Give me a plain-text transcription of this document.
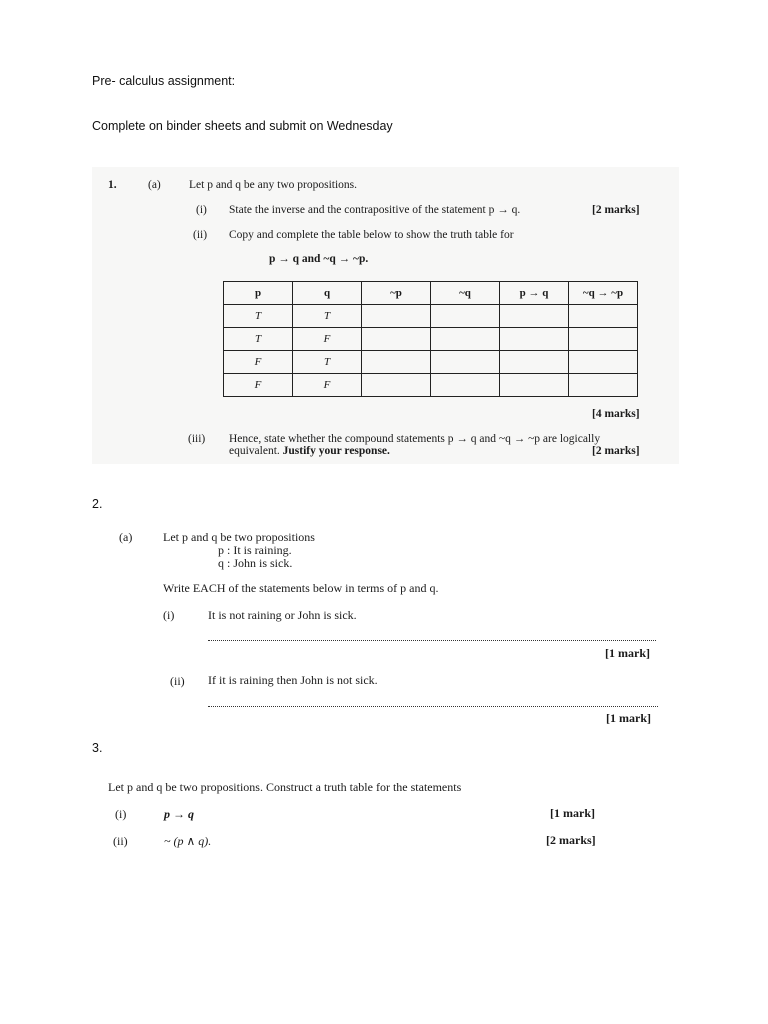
Pre- calculus assignment:
Complete on binder sheets and submit on Wednesday
1.	(a) Let p and q be any two propositions.
(i) State the inverse and the contrapositive of the statement p → q.	[2 marks]
(ii) Copy and complete the table below to show the truth table for
p → q and ~q → ~p.
p	q	~p	~q	p → q	~q → ~p
T	T				
T	F				
F	T				
F	F				
[4 marks]
(iii) Hence, state whether the compound statements p → q and ~q → ~p are logically
equivalent. Justify your response.	[2 marks]
2.
(a)	Let p and q be two propositions
p : It is raining.
q : John is sick.
Write EACH of the statements below in terms of p and q.
(i)	It is not raining or John is sick.
[1 mark]
(ii) If it is raining then John is not sick.
[1 mark]
3.
Let p and q be two propositions. Construct a truth table for the statements
(i)	p → q	[1 mark]
(ii)	~ (p ∧ q).	[2 marks]
